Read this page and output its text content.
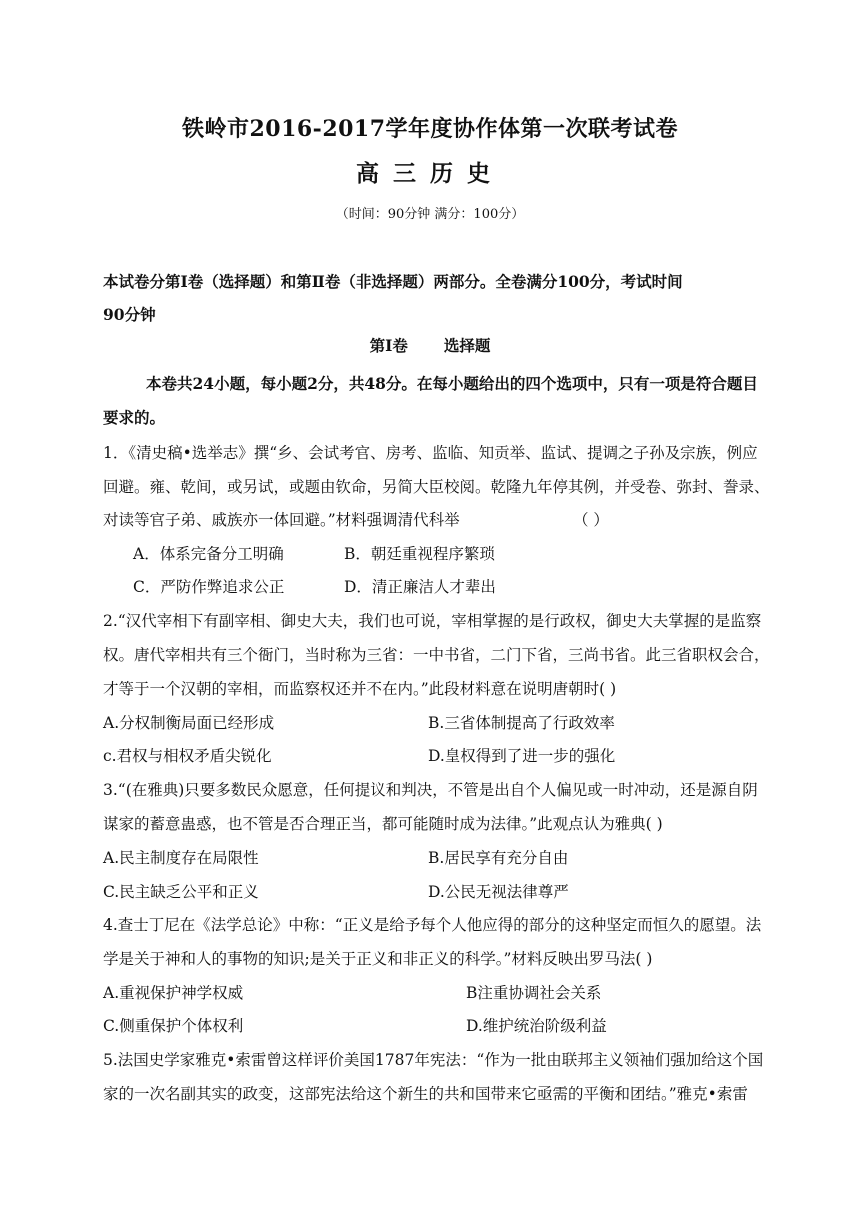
铁岭市2016-2017学年度协作体第一次联考试卷
高三历史
（时间：90分钟 满分：100分）
本试卷分第Ⅰ卷（选择题）和第Ⅱ卷（非选择题）两部分。全卷满分100分，考试时间
90分钟
第Ⅰ卷 选择题
本卷共24小题，每小题2分，共48分。在每小题给出的四个选项中，只有一项是符合题目
要求的。
1．《清史稿•选举志》撰“乡、会试考官、房考、监临、知贡举、监试、提调之子孙及宗族，例应
回避。雍、乾间，或另试，或题由钦命，另简大臣校阅。乾隆九年停其例，并受卷、弥封、誊录、
对读等官子弟、戚族亦一体回避。”材料强调清代科举	（ ）
A．体系完备分工明确	B．朝廷重视程序繁琐
C．严防作弊追求公正	D．清正廉洁人才辈出
2.“汉代宰相下有副宰相、御史大夫，我们也可说，宰相掌握的是行政权，御史大夫掌握的是监察
权。唐代宰相共有三个衙门，当时称为三省：一中书省，二门下省，三尚书省。此三省职权会合，
才等于一个汉朝的宰相，而监察权还并不在内。”此段材料意在说明唐朝时( )
A.分权制衡局面已经形成	B.三省体制提高了行政效率
c.君权与相权矛盾尖锐化	D.皇权得到了进一步的强化
3.“(在雅典)只要多数民众愿意，任何提议和判决，不管是出自个人偏见或一时冲动，还是源自阴
谋家的蓄意蛊惑，也不管是否合理正当，都可能随时成为法律。”此观点认为雅典( )
A.民主制度存在局限性	B.居民享有充分自由
C.民主缺乏公平和正义	D.公民无视法律尊严
4.查士丁尼在《法学总论》中称：“正义是给予每个人他应得的部分的这种坚定而恒久的愿望。法
学是关于神和人的事物的知识;是关于正义和非正义的科学。”材料反映出罗马法( )
A.重视保护神学权威	B注重协调社会关系
C.侧重保护个体权利	D.维护统治阶级利益
5.法国史学家雅克•索雷曾这样评价美国1787年宪法：“作为一批由联邦主义领袖们强加给这个国
家的一次名副其实的政变，这部宪法给这个新生的共和国带来它亟需的平衡和团结。”雅克•索雷
